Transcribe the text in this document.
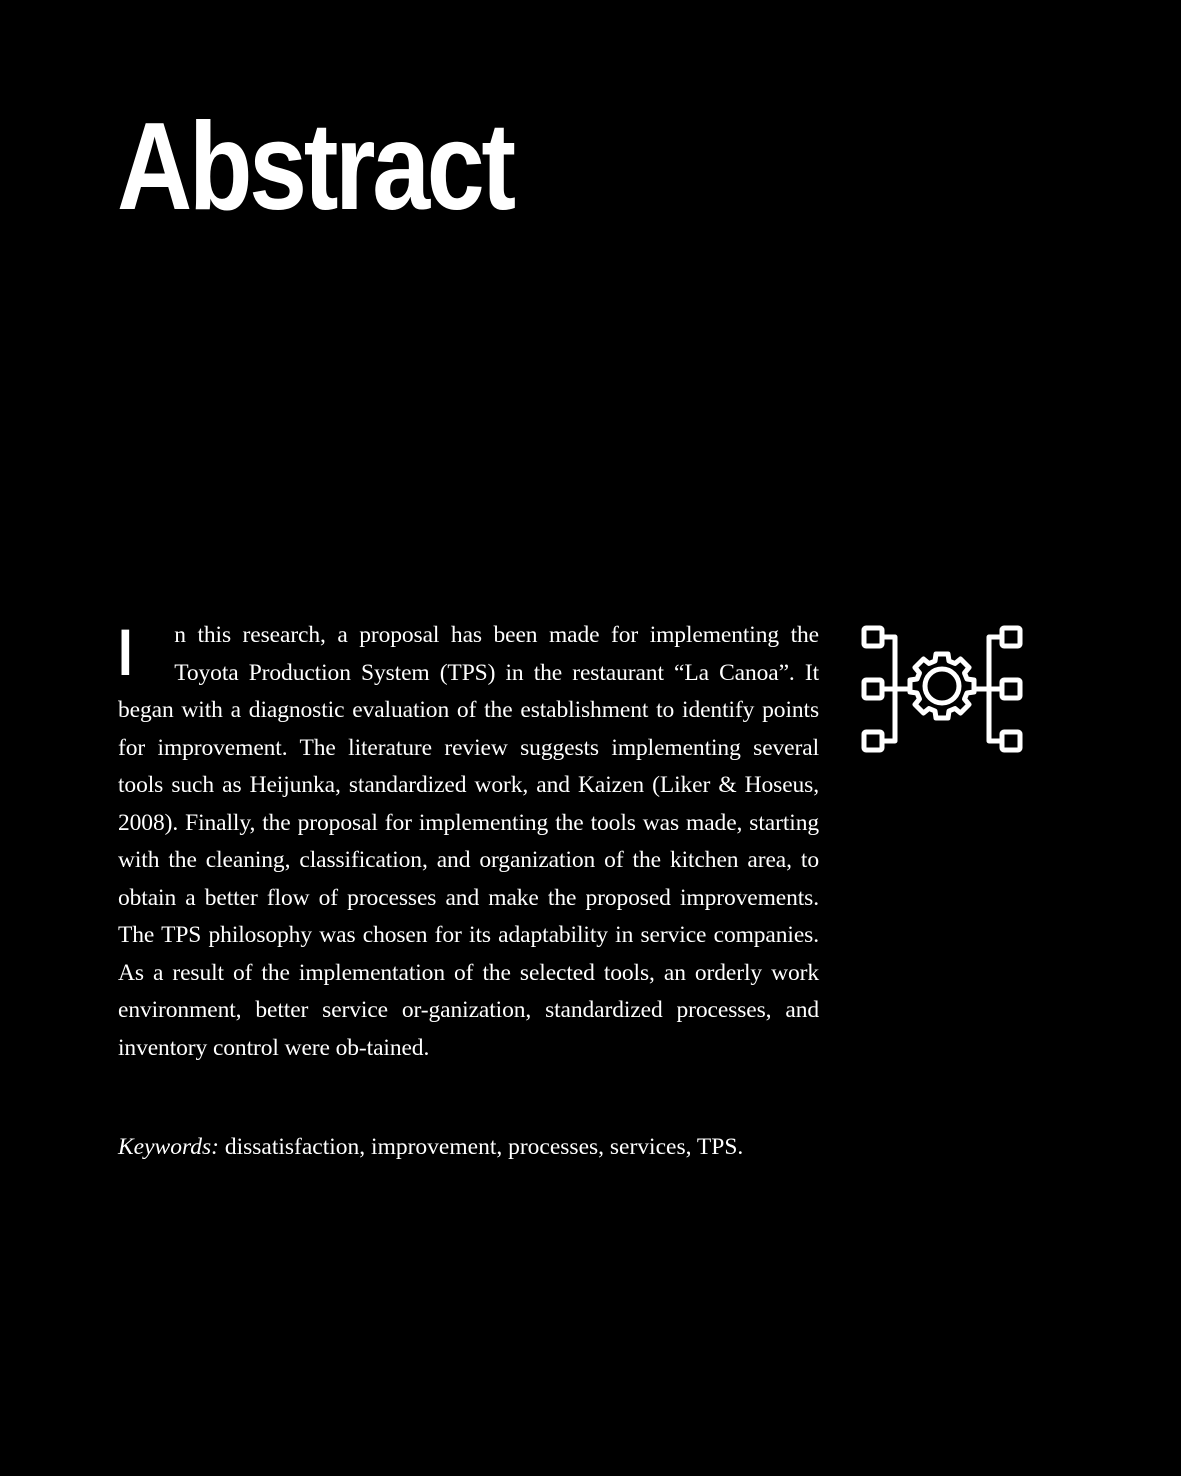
Abstract

I n this research, a proposal has been made for implementing the Toyota Production System (TPS) in the restaurant “La Canoa”. It began with a diagnostic evaluation of the establishment to identify points for improvement. The literature review suggests implementing several tools such as Heijunka, standardized work, and Kaizen (Liker & Hoseus, 2008). Finally, the proposal for implementing the tools was made, starting with the cleaning, classification, and organization of the kitchen area, to obtain a better flow of processes and make the proposed improvements. The TPS philosophy was chosen for its adaptability in service companies. As a result of the implementation of the selected tools, an orderly work environment, better service or-ganization, standardized processes, and inventory control were ob-tained.

Keywords: dissatisfaction, improvement, processes, services, TPS.
